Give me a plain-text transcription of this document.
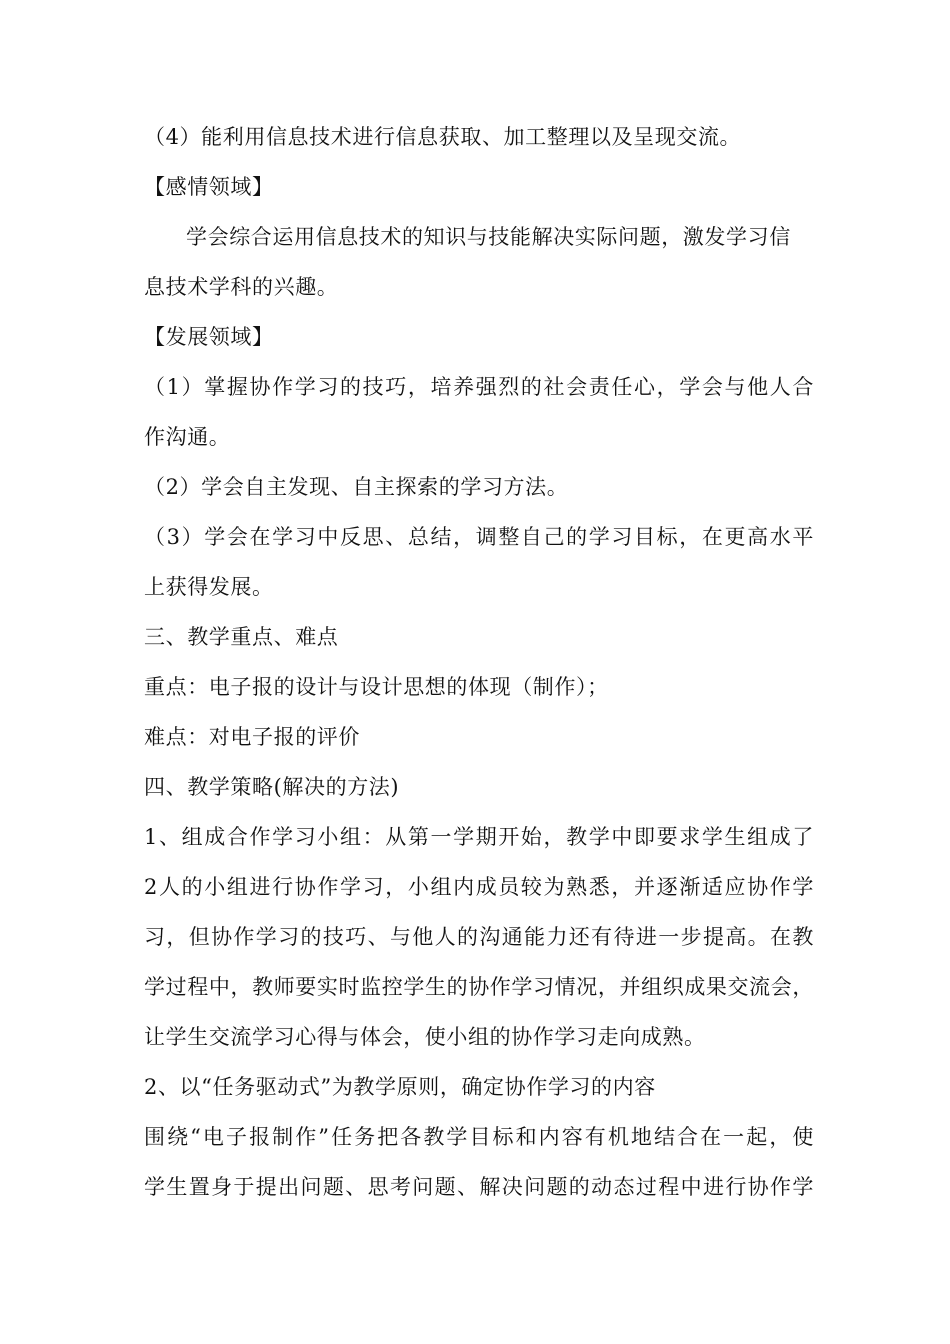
（4）能利用信息技术进行信息获取、加工整理以及呈现交流。
【感情领域】
学会综合运用信息技术的知识与技能解决实际问题，激发学习信
息技术学科的兴趣。
【发展领域】
（1）掌握协作学习的技巧，培养强烈的社会责任心，学会与他人合
作沟通。
（2）学会自主发现、自主探索的学习方法。
（3）学会在学习中反思、总结，调整自己的学习目标，在更高水平
上获得发展。
三、教学重点、难点
重点：电子报的设计与设计思想的体现（制作）；
难点：对电子报的评价
四、教学策略(解决的方法)
1、组成合作学习小组：从第一学期开始，教学中即要求学生组成了
2人的小组进行协作学习，小组内成员较为熟悉，并逐渐适应协作学
习，但协作学习的技巧、与他人的沟通能力还有待进一步提高。在教
学过程中，教师要实时监控学生的协作学习情况，并组织成果交流会，
让学生交流学习心得与体会，使小组的协作学习走向成熟。
2、以“任务驱动式”为教学原则，确定协作学习的内容
围绕“电子报制作”任务把各教学目标和内容有机地结合在一起，使
学生置身于提出问题、思考问题、解决问题的动态过程中进行协作学
